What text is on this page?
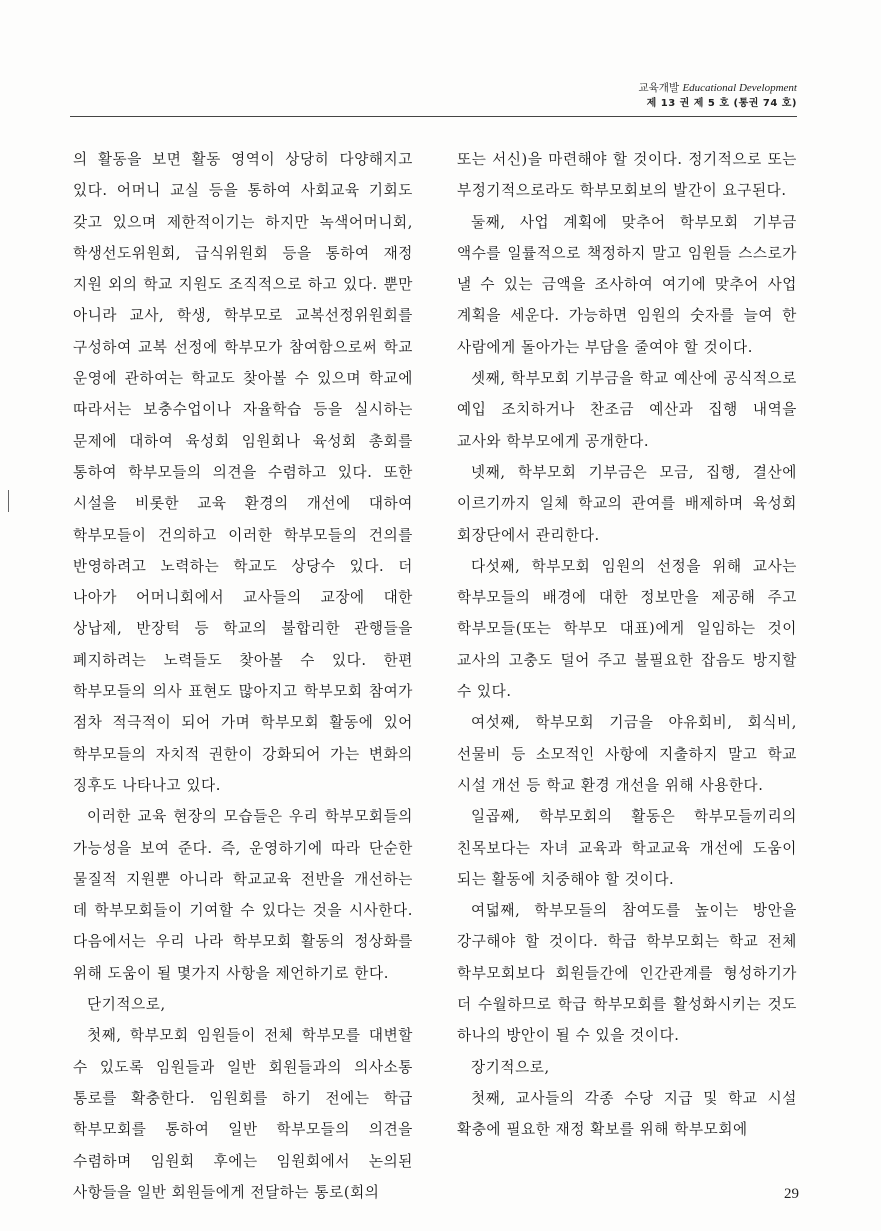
교육개발 Educational Development
제 13 권 제 5 호 (통권 74 호)

의 활동을 보면 활동 영역이 상당히 다양해지고 있다. 어머니 교실 등을 통하여 사회교육 기회도 갖고 있으며 제한적이기는 하지만 녹색어머니회, 학생선도위원회, 급식위원회 등을 통하여 재정 지원 외의 학교 지원도 조직적으로 하고 있다. 뿐만 아니라 교사, 학생, 학부모로 교복선정위원회를 구성하여 교복 선정에 학부모가 참여함으로써 학교 운영에 관하여는 학교도 찾아볼 수 있으며 학교에 따라서는 보충수업이나 자율학습 등을 실시하는 문제에 대하여 육성회 임원회나 육성회 총회를 통하여 학부모들의 의견을 수렴하고 있다. 또한 시설을 비롯한 교육 환경의 개선에 대하여 학부모들이 건의하고 이러한 학부모들의 건의를 반영하려고 노력하는 학교도 상당수 있다. 더 나아가 어머니회에서 교사들의 교장에 대한 상납제, 반장턱 등 학교의 불합리한 관행들을 폐지하려는 노력들도 찾아볼 수 있다. 한편 학부모들의 의사 표현도 많아지고 학부모회 참여가 점차 적극적이 되어 가며 학부모회 활동에 있어 학부모들의 자치적 권한이 강화되어 가는 변화의 징후도 나타나고 있다.

이러한 교육 현장의 모습들은 우리 학부모회들의 가능성을 보여 준다. 즉, 운영하기에 따라 단순한 물질적 지원뿐 아니라 학교교육 전반을 개선하는 데 학부모회들이 기여할 수 있다는 것을 시사한다. 다음에서는 우리 나라 학부모회 활동의 정상화를 위해 도움이 될 몇가지 사항을 제언하기로 한다.

단기적으로,

첫째, 학부모회 임원들이 전체 학부모를 대변할 수 있도록 임원들과 일반 회원들과의 의사소통 통로를 확충한다. 임원회를 하기 전에는 학급 학부모회를 통하여 일반 학부모들의 의견을 수렴하며 임원회 후에는 임원회에서 논의된 사항들을 일반 회원들에게 전달하는 통로(회의

또는 서신)을 마련해야 할 것이다. 정기적으로 또는 부정기적으로라도 학부모회보의 발간이 요구된다.

둘째, 사업 계획에 맞추어 학부모회 기부금 액수를 일률적으로 책정하지 말고 임원들 스스로가 낼 수 있는 금액을 조사하여 여기에 맞추어 사업 계획을 세운다. 가능하면 임원의 숫자를 늘여 한 사람에게 돌아가는 부담을 줄여야 할 것이다.

셋째, 학부모회 기부금을 학교 예산에 공식적으로 예입 조치하거나 찬조금 예산과 집행 내역을 교사와 학부모에게 공개한다.

넷째, 학부모회 기부금은 모금, 집행, 결산에 이르기까지 일체 학교의 관여를 배제하며 육성회 회장단에서 관리한다.

다섯째, 학부모회 임원의 선정을 위해 교사는 학부모들의 배경에 대한 정보만을 제공해 주고 학부모들(또는 학부모 대표)에게 일임하는 것이 교사의 고충도 덜어 주고 불필요한 잡음도 방지할 수 있다.

여섯째, 학부모회 기금을 야유회비, 회식비, 선물비 등 소모적인 사항에 지출하지 말고 학교 시설 개선 등 학교 환경 개선을 위해 사용한다.

일곱째, 학부모회의 활동은 학부모들끼리의 친목보다는 자녀 교육과 학교교육 개선에 도움이 되는 활동에 치중해야 할 것이다.

여덟째, 학부모들의 참여도를 높이는 방안을 강구해야 할 것이다. 학급 학부모회는 학교 전체 학부모회보다 회원들간에 인간관계를 형성하기가 더 수월하므로 학급 학부모회를 활성화시키는 것도 하나의 방안이 될 수 있을 것이다.

장기적으로,

첫째, 교사들의 각종 수당 지급 및 학교 시설 확충에 필요한 재정 확보를 위해 학부모회에

29
